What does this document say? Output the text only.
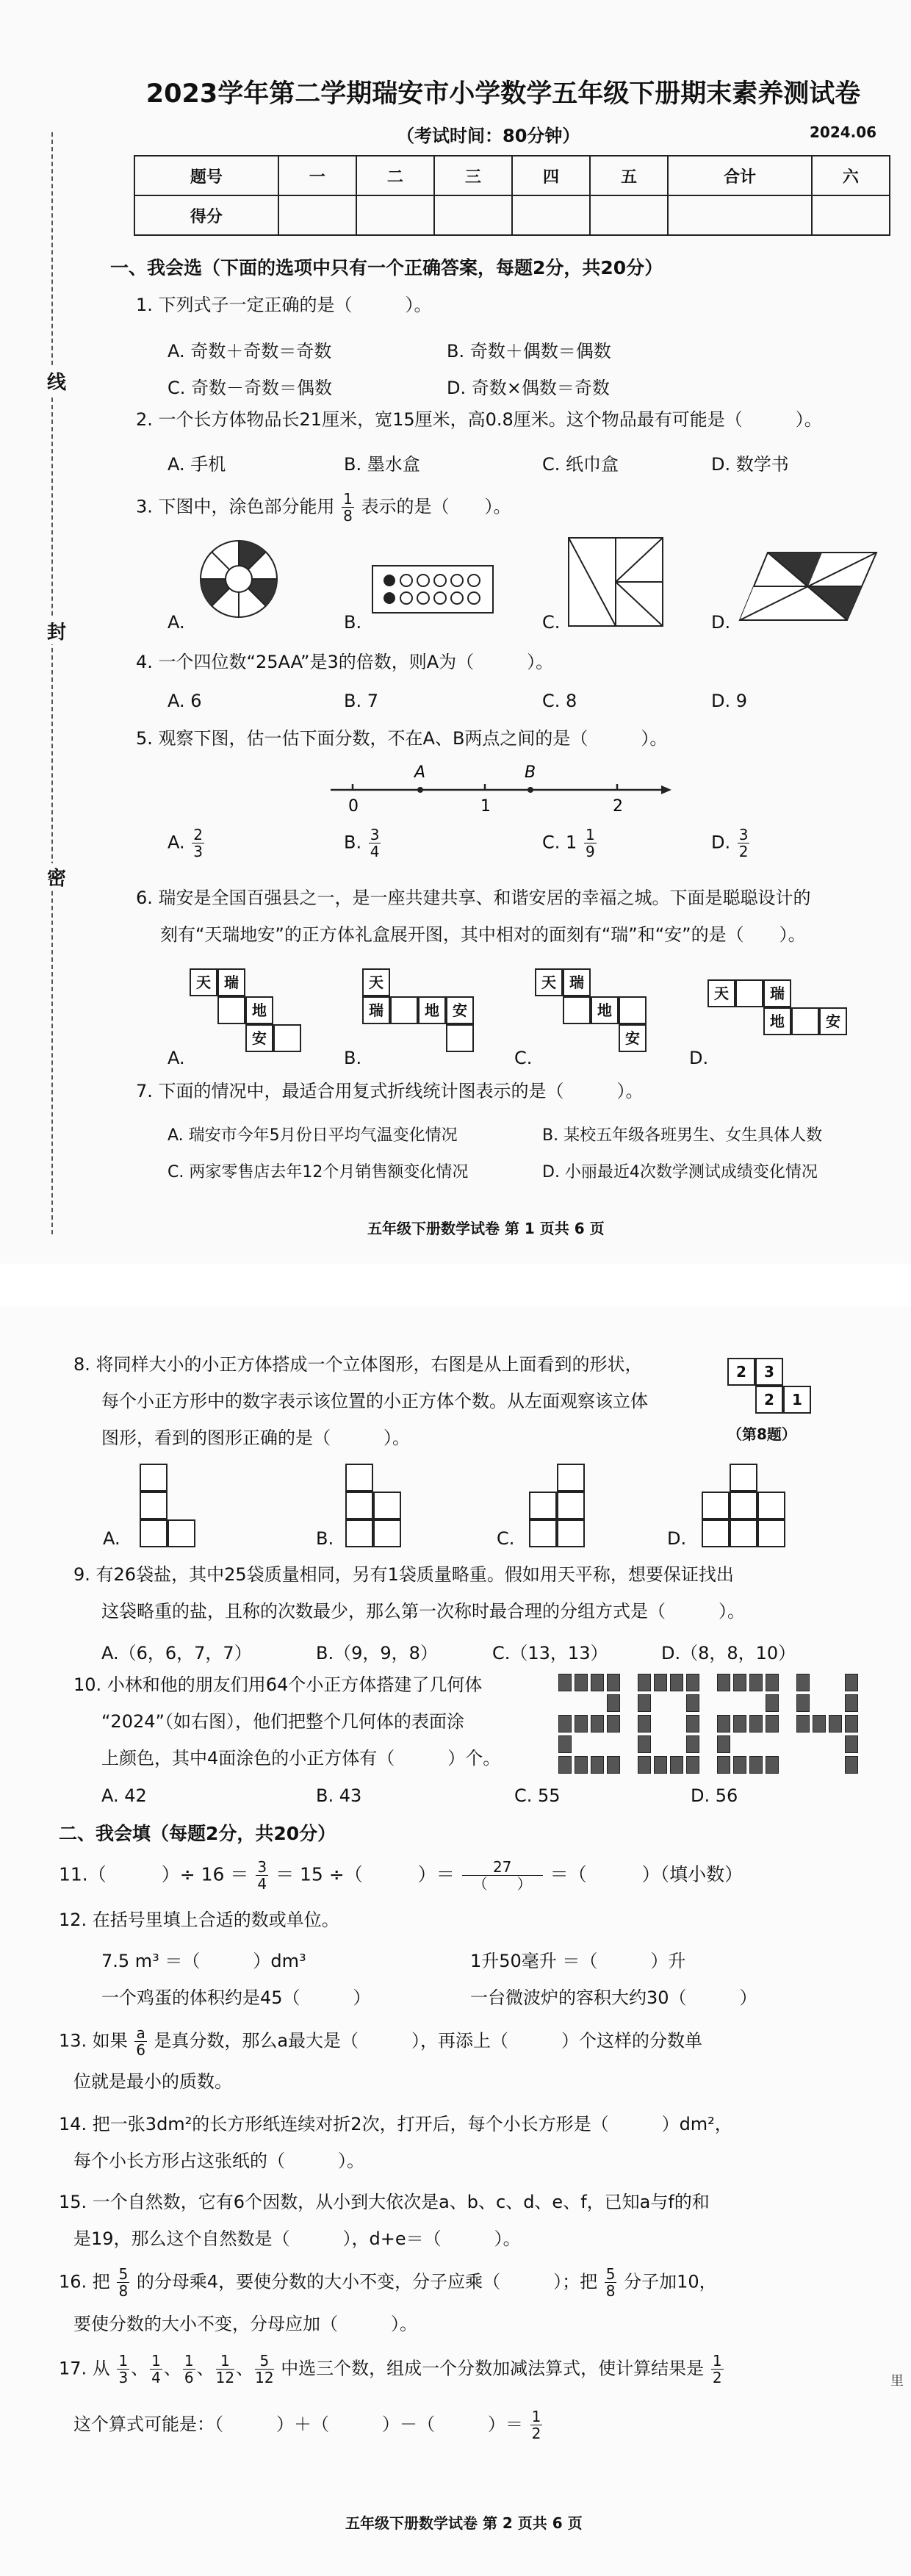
线
封
密
2023学年第二学期瑞安市小学数学五年级下册期末素养测试卷
（考试时间：80分钟）	2024.06
题号	一	二	三	四	五	合计	六
得分							
一、我会选（下面的选项中只有一个正确答案，每题2分，共20分）
1. 下列式子一定正确的是（　　　）。
A. 奇数＋奇数＝奇数	B. 奇数＋偶数＝偶数
C. 奇数－奇数＝偶数	D. 奇数×偶数＝奇数
2. 一个长方体物品长21厘米，宽15厘米，高0.8厘米。这个物品最有可能是（　　　）。
A. 手机	B. 墨水盒	C. 纸巾盒	D. 数学书
3. 下图中，涂色部分能用 $\frac{1}{8}$ 表示的是（　　）。
A.	B.	C.	D.
4. 一个四位数“25AA”是3的倍数，则A为（　　　）。
A. 6	B. 7	C. 8	D. 9
5. 观察下图，估一估下面分数，不在A、B两点之间的是（　　　）。
0	1	2
A	B
A. $\frac{2}{3}$	B. $\frac{3}{4}$	C. $1 \frac{1}{9}$	D. $\frac{3}{2}$
6. 瑞安是全国百强县之一，是一座共建共享、和谐安居的幸福之城。下面是聪聪设计的
刻有“天瑞地安”的正方体礼盒展开图，其中相对的面刻有“瑞”和“安”的是（　　）。
天 瑞
地
安
天
瑞	地 安
天 瑞
地
安
天	瑞
地	安
A.	B.	C.	D.
7. 下面的情况中，最适合用复式折线统计图表示的是（　　　）。
A. 瑞安市今年5月份日平均气温变化情况	B. 某校五年级各班男生、女生具体人数
C. 两家零售店去年12个月销售额变化情况	D. 小丽最近4次数学测试成绩变化情况
五年级下册数学试卷 第 1 页共 6 页
8. 将同样大小的小正方体搭成一个立体图形，右图是从上面看到的形状，
每个小正方形中的数字表示该位置的小正方体个数。从左面观察该立体
图形，看到的图形正确的是（　　　）。
2	3
2	1
（第8题）
A.	B.	C.	D.
9. 有26袋盐，其中25袋质量相同，另有1袋质量略重。假如用天平称，想要保证找出
这袋略重的盐，且称的次数最少，那么第一次称时最合理的分组方式是（　　　）。
A.（6，6，7，7）	B.（9，9，8）	C.（13，13）	D.（8，8，10）
10. 小林和他的朋友们用64个小正方体搭建了几何体
“2024”（如右图），他们把整个几何体的表面涂
上颜色，其中4面涂色的小正方体有（　　　）个。
A. 42	B. 43	C. 55	D. 56
二、我会填（每题2分，共20分）
11.（　　　）÷ $16 = \frac{3}{4} = 15$ ÷（　　　）＝ $\frac{27}{( )}$ ＝（　　　）（填小数）
12. 在括号里填上合适的数或单位。
7.5 m³ ＝（　　　）dm³	1升50毫升 ＝（　　　）升
一个鸡蛋的体积约是45（　　　）	一台微波炉的容积大约30（　　　）
13. 如果 $\frac{a}{6}$ 是真分数，那么a最大是（　　　），再添上（　　　）个这样的分数单
位就是最小的质数。
14. 把一张3dm²的长方形纸连续对折2次，打开后，每个小长方形是（　　　）dm²，
每个小长方形占这张纸的（　　　）。
15. 一个自然数，它有6个因数，从小到大依次是a、b、c、d、e、f，已知a与f的和
是19，那么这个自然数是（　　　），d+e＝（　　　）。
16. 把 $\frac{5}{8}$ 的分母乘4，要使分数的大小不变，分子应乘（　　　）；把 $\frac{5}{8}$ 分子加10，
要使分数的大小不变，分母应加（　　　）。
17. 从 $\frac{1}{3}$ 、 $\frac{1}{4}$ 、 $\frac{1}{6}$ 、 $\frac{1}{12}$ 、 $\frac{5}{12}$ 中选三个数，组成一个分数加减法算式，使计算结果是 $\frac{1}{2}$
这个算式可能是：（　　　）＋（　　　）－（　　　）＝ $\frac{1}{2}$
五年级下册数学试卷 第 2 页共 6 页
里
